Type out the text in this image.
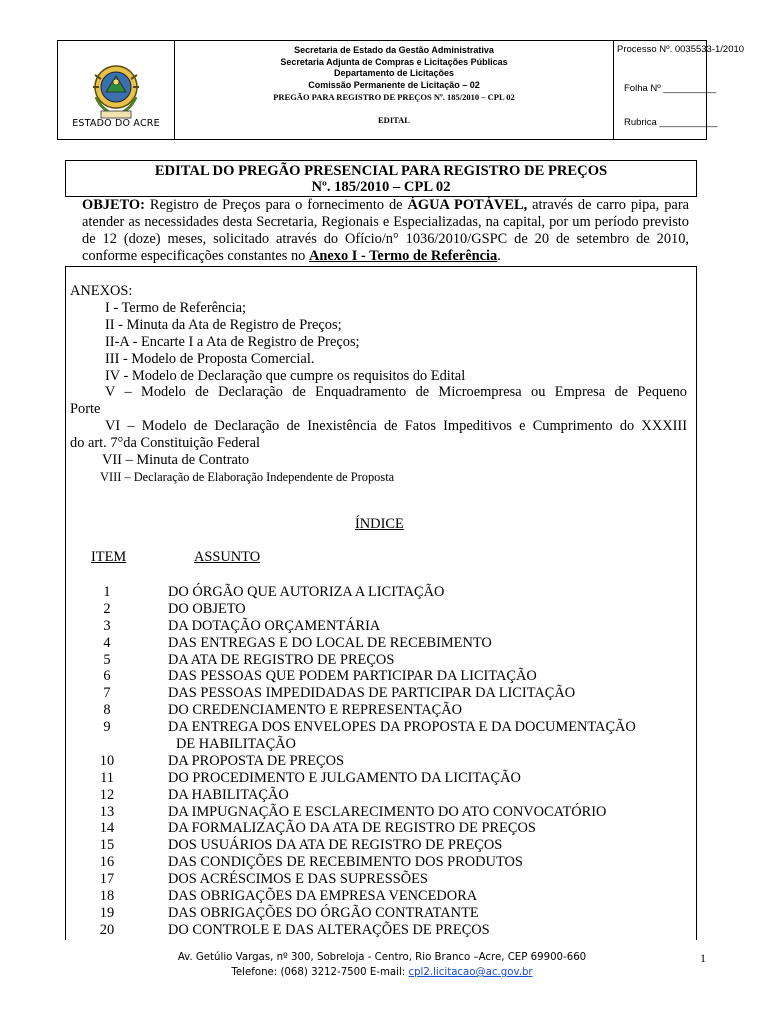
ESTADO DO ACRE
Secretaria de Estado da Gestão Administrativa
Secretaria Adjunta de Compras e Licitações Públicas
Departamento de Licitações
Comissão Permanente de Licitação – 02
PREGÃO PARA REGISTRO DE PREÇOS Nº. 185/2010 – CPL 02
EDITAL
Processo Nº. 0035533-1/2010
Folha Nº __________
Rubrica ___________
EDITAL DO PREGÃO PRESENCIAL PARA REGISTRO DE PREÇOS
Nº. 185/2010 – CPL 02
OBJETO: Registro de Preços para o fornecimento de ÁGUA POTÁVEL, através de carro pipa, para atender as necessidades desta Secretaria, Regionais e Especializadas, na capital, por um período previsto de 12 (doze) meses, solicitado através do Ofício/n° 1036/2010/GSPC de 20 de setembro de 2010, conforme especificações constantes no Anexo I - Termo de Referência.
ANEXOS:
I - Termo de Referência;
II - Minuta da Ata de Registro de Preços;
II-A - Encarte I a Ata de Registro de Preços;
III - Modelo de Proposta Comercial.
IV - Modelo de Declaração que cumpre os requisitos do Edital
V – Modelo de Declaração de Enquadramento de Microempresa ou Empresa de Pequeno
Porte
VI – Modelo de Declaração de Inexistência de Fatos Impeditivos e Cumprimento do XXXIII
do art. 7°da Constituição Federal
VII – Minuta de Contrato
VIII – Declaração de Elaboração Independente de Proposta
ÍNDICE
ITEM	ASSUNTO
1	DO ÓRGÃO QUE AUTORIZA A LICITAÇÃO
2	DO OBJETO
3	DA DOTAÇÃO ORÇAMENTÁRIA
4	DAS ENTREGAS E DO LOCAL DE RECEBIMENTO
5	DA ATA DE REGISTRO DE PREÇOS
6	DAS PESSOAS QUE PODEM PARTICIPAR DA LICITAÇÃO
7	DAS PESSOAS IMPEDIDADAS DE PARTICIPAR DA LICITAÇÃO
8	DO CREDENCIAMENTO E REPRESENTAÇÃO
9	DA ENTREGA DOS ENVELOPES DA PROPOSTA E DA DOCUMENTAÇÃO
DE HABILITAÇÃO
10	DA PROPOSTA DE PREÇOS
11	DO PROCEDIMENTO E JULGAMENTO DA LICITAÇÃO
12	DA HABILITAÇÃO
13	DA IMPUGNAÇÃO E ESCLARECIMENTO DO ATO CONVOCATÓRIO
14	DA FORMALIZAÇÃO DA ATA DE REGISTRO DE PREÇOS
15	DOS USUÁRIOS DA ATA DE REGISTRO DE PREÇOS
16	DAS CONDIÇÕES DE RECEBIMENTO DOS PRODUTOS
17	DOS ACRÉSCIMOS E DAS SUPRESSÕES
18	DAS OBRIGAÇÕES DA EMPRESA VENCEDORA
19	DAS OBRIGAÇÕES DO ÓRGÃO CONTRATANTE
20	DO CONTROLE E DAS ALTERAÇÕES DE PREÇOS
Av. Getúlio Vargas, nº 300, Sobreloja - Centro, Rio Branco –Acre, CEP 69900-660
Telefone: (068) 3212-7500 E-mail: cpl2.licitacao@ac.gov.br
1
